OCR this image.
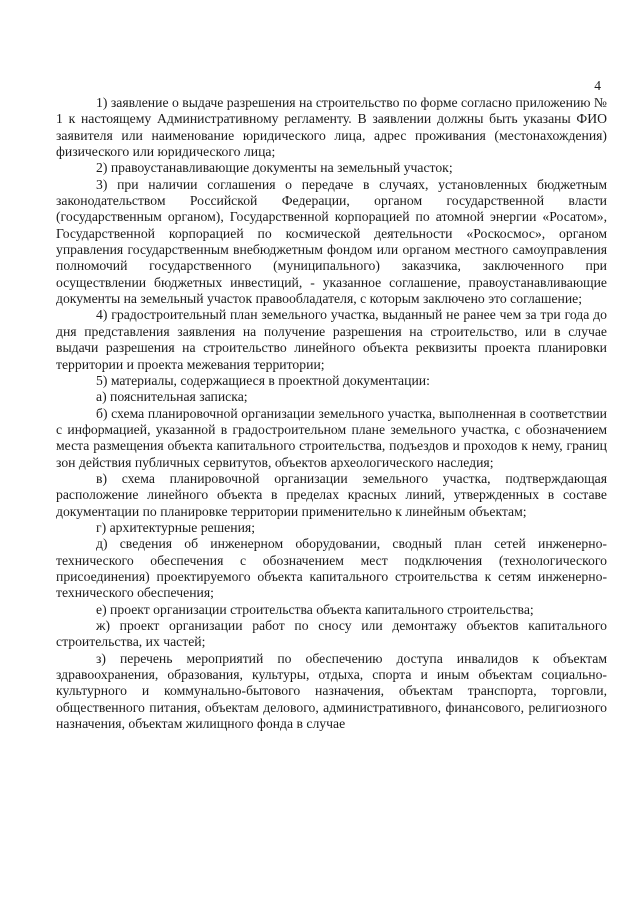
4

1) заявление о выдаче разрешения на строительство по форме согласно приложению № 1 к настоящему Административному регламенту. В заявлении должны быть указаны ФИО заявителя или наименование юридического лица, адрес проживания (местонахождения) физического или юридического лица;

2) правоустанавливающие документы на земельный участок;

3) при наличии соглашения о передаче в случаях, установленных бюджетным законодательством Российской Федерации, органом государственной власти (государственным органом), Государственной корпорацией по атомной энергии «Росатом», Государственной корпорацией по космической деятельности «Роскосмос», органом управления государственным внебюджетным фондом или органом местного самоуправления полномочий государственного (муниципального) заказчика, заключенного при осуществлении бюджетных инвестиций, - указанное соглашение, правоустанавливающие документы на земельный участок правообладателя, с которым заключено это соглашение;

4) градостроительный план земельного участка, выданный не ранее чем за три года до дня представления заявления на получение разрешения на строительство, или в случае выдачи разрешения на строительство линейного объекта реквизиты проекта планировки территории и проекта межевания территории;

5) материалы, содержащиеся в проектной документации:

а) пояснительная записка;

б) схема планировочной организации земельного участка, выполненная в соответствии с информацией, указанной в градостроительном плане земельного участка, с обозначением места размещения объекта капитального строительства, подъездов и проходов к нему, границ зон действия публичных сервитутов, объектов археологического наследия;

в) схема планировочной организации земельного участка, подтверждающая расположение линейного объекта в пределах красных линий, утвержденных в составе документации по планировке территории применительно к линейным объектам;

г) архитектурные решения;

д) сведения об инженерном оборудовании, сводный план сетей инженерно-технического обеспечения с обозначением мест подключения (технологического присоединения) проектируемого объекта капитального строительства к сетям инженерно-технического обеспечения;

е) проект организации строительства объекта капитального строительства;

ж) проект организации работ по сносу или демонтажу объектов капитального строительства, их частей;

з) перечень мероприятий по обеспечению доступа инвалидов к объектам здравоохранения, образования, культуры, отдыха, спорта и иным объектам социально-культурного и коммунально-бытового назначения, объектам транспорта, торговли, общественного питания, объектам делового, административного, финансового, религиозного назначения, объектам жилищного фонда в случае
